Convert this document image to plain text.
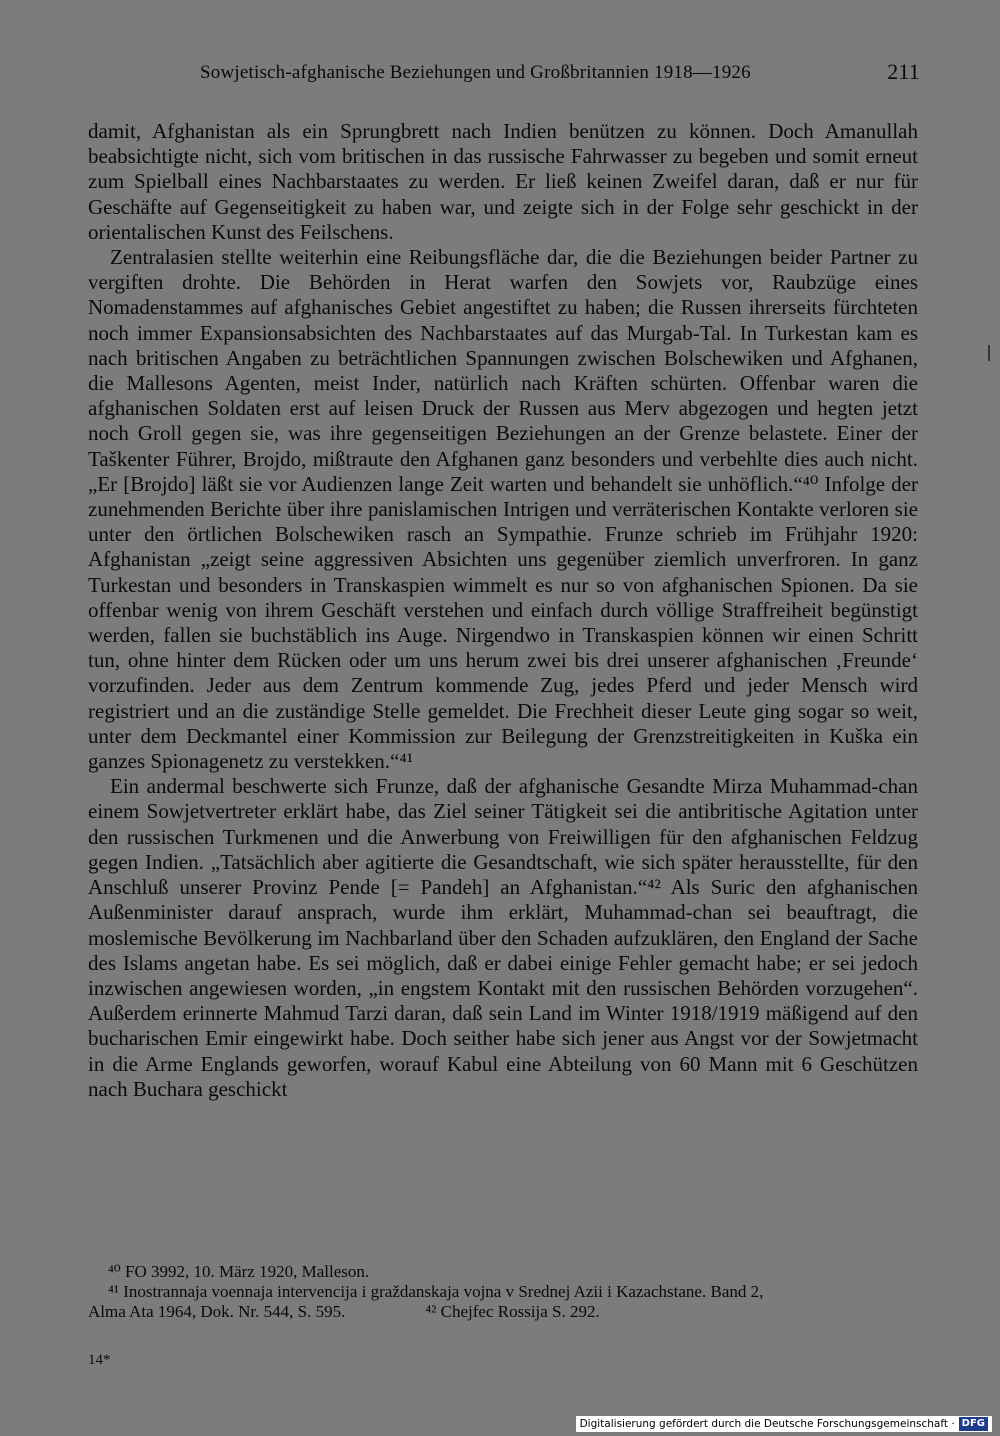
Sowjetisch-afghanische Beziehungen und Großbritannien 1918—1926	211

damit, Afghanistan als ein Sprungbrett nach Indien benützen zu können. Doch Amanullah beabsichtigte nicht, sich vom britischen in das russische Fahrwasser zu begeben und somit erneut zum Spielball eines Nachbarstaates zu werden. Er ließ keinen Zweifel daran, daß er nur für Geschäfte auf Gegenseitigkeit zu haben war, und zeigte sich in der Folge sehr geschickt in der orientalischen Kunst des Feilschens.

Zentralasien stellte weiterhin eine Reibungsfläche dar, die die Beziehungen beider Partner zu vergiften drohte. Die Behörden in Herat warfen den Sowjets vor, Raubzüge eines Nomadenstammes auf afghanisches Gebiet angestiftet zu haben; die Russen ihrerseits fürchteten noch immer Expansionsabsichten des Nachbarstaates auf das Murgab-Tal. In Turkestan kam es nach britischen Angaben zu beträchtlichen Spannungen zwischen Bolschewiken und Afghanen, die Mallesons Agenten, meist Inder, natürlich nach Kräften schürten. Offenbar waren die afghanischen Soldaten erst auf leisen Druck der Russen aus Merv abgezogen und hegten jetzt noch Groll gegen sie, was ihre gegenseitigen Beziehungen an der Grenze belastete. Einer der Taškenter Führer, Brojdo, mißtraute den Afghanen ganz besonders und verbehlte dies auch nicht. „Er [Brojdo] läßt sie vor Audienzen lange Zeit warten und behandelt sie unhöflich.“⁴⁰ Infolge der zunehmenden Berichte über ihre panislamischen Intrigen und verräterischen Kontakte verloren sie unter den örtlichen Bolschewiken rasch an Sympathie. Frunze schrieb im Frühjahr 1920: Afghanistan „zeigt seine aggressiven Absichten uns gegenüber ziemlich unverfroren. In ganz Turkestan und besonders in Transkaspien wimmelt es nur so von afghanischen Spionen. Da sie offenbar wenig von ihrem Geschäft verstehen und einfach durch völlige Straffreiheit begünstigt werden, fallen sie buchstäblich ins Auge. Nirgendwo in Transkaspien können wir einen Schritt tun, ohne hinter dem Rücken oder um uns herum zwei bis drei unserer afghanischen ‚Freunde‘ vorzufinden. Jeder aus dem Zentrum kommende Zug, jedes Pferd und jeder Mensch wird registriert und an die zuständige Stelle gemeldet. Die Frechheit dieser Leute ging sogar so weit, unter dem Deckmantel einer Kommission zur Beilegung der Grenzstreitigkeiten in Kuška ein ganzes Spionagenetz zu verstekken.“⁴¹

Ein andermal beschwerte sich Frunze, daß der afghanische Gesandte Mirza Muhammad-chan einem Sowjetvertreter erklärt habe, das Ziel seiner Tätigkeit sei die antibritische Agitation unter den russischen Turkmenen und die Anwerbung von Freiwilligen für den afghanischen Feldzug gegen Indien. „Tatsächlich aber agitierte die Gesandtschaft, wie sich später herausstellte, für den Anschluß unserer Provinz Pende [= Pandeh] an Afghanistan.“⁴² Als Suric den afghanischen Außenminister darauf ansprach, wurde ihm erklärt, Muhammad-chan sei beauftragt, die moslemische Bevölkerung im Nachbarland über den Schaden aufzuklären, den England der Sache des Islams angetan habe. Es sei möglich, daß er dabei einige Fehler gemacht habe; er sei jedoch inzwischen angewiesen worden, „in engstem Kontakt mit den russischen Behörden vorzugehen“. Außerdem erinnerte Mahmud Tarzi daran, daß sein Land im Winter 1918/1919 mäßigend auf den bucharischen Emir eingewirkt habe. Doch seither habe sich jener aus Angst vor der Sowjetmacht in die Arme Englands geworfen, worauf Kabul eine Abteilung von 60 Mann mit 6 Geschützen nach Buchara geschickt

⁴⁰ FO 3992, 10. März 1920, Malleson.

⁴¹ Inostrannaja voennaja intervencija i graždanskaja vojna v Srednej Azii i Kazachstane. Band 2,

Alma Ata 1964, Dok. Nr. 544, S. 595.	⁴² Chejfec Rossija S. 292.

14*
Digitalisierung gefördert durch die Deutsche Forschungsgemeinschaft · DFG
